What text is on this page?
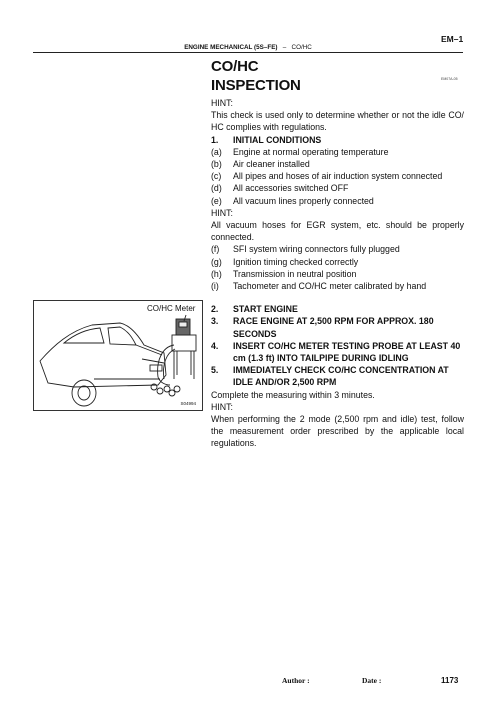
EM–1
ENGINE MECHANICAL (5S–FE) – CO/HC
CO/HC
INSPECTION	EM07A-05

HINT:

This check is used only to determine whether or not the idle CO/ HC complies with regulations.

1.	INITIAL CONDITIONS
(a)	Engine at normal operating temperature
(b)	Air cleaner installed
(c)	All pipes and hoses of air induction system connected
(d)	All accessories switched OFF
(e)	All vacuum lines properly connected

HINT:

All vacuum hoses for EGR system, etc. should be properly connected.

(f)	SFI system wiring connectors fully plugged
(g)	Ignition timing checked correctly
(h)	Transmission in neutral position
(i)	Tachometer and CO/HC meter calibrated by hand
2.	START ENGINE
3.	RACE ENGINE AT 2,500 RPM FOR APPROX. 180 SECONDS
4.	INSERT CO/HC METER TESTING PROBE AT LEAST 40 cm (1.3 ft) INTO TAILPIPE DURING IDLING
5.	IMMEDIATELY CHECK CO/HC CONCENTRATION AT IDLE AND/OR 2,500 RPM

Complete the measuring within 3 minutes.

HINT:

When performing the 2 mode (2,500 rpm and idle) test, follow the measurement order prescribed by the applicable local regulations.

CO/HC Meter
S04994
Author :	Date :	1173
